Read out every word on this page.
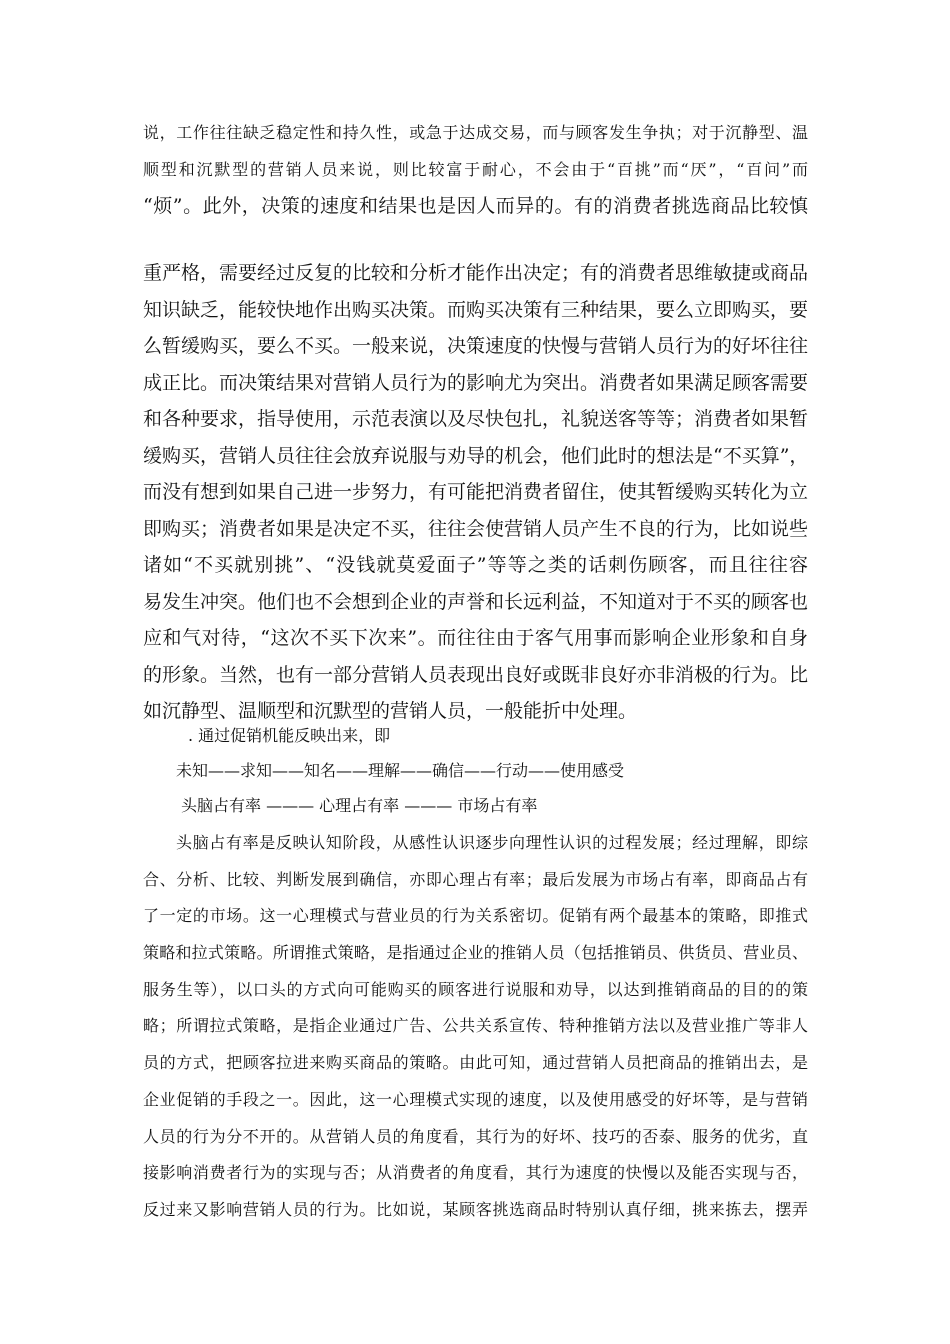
说，工作往往缺乏稳定性和持久性，或急于达成交易，而与顾客发生争执；对于沉静型、温
顺型和沉默型的营销人员来说，则比较富于耐心，不会由于“百挑”而“厌”，“百问”而
“烦”。此外，决策的速度和结果也是因人而异的。有的消费者挑选商品比较慎
重严格，需要经过反复的比较和分析才能作出决定；有的消费者思维敏捷或商品
知识缺乏，能较快地作出购买决策。而购买决策有三种结果，要么立即购买，要
么暂缓购买，要么不买。一般来说，决策速度的快慢与营销人员行为的好坏往往
成正比。而决策结果对营销人员行为的影响尤为突出。消费者如果满足顾客需要
和各种要求，指导使用，示范表演以及尽快包扎，礼貌送客等等；消费者如果暂
缓购买，营销人员往往会放弃说服与劝导的机会，他们此时的想法是“不买算”，
而没有想到如果自己进一步努力，有可能把消费者留住，使其暂缓购买转化为立
即购买；消费者如果是决定不买，往往会使营销人员产生不良的行为，比如说些
诸如“不买就别挑”、“没钱就莫爱面子”等等之类的话刺伤顾客，而且往往容
易发生冲突。他们也不会想到企业的声誉和长远利益，不知道对于不买的顾客也
应和气对待，“这次不买下次来”。而往往由于客气用事而影响企业形象和自身
的形象。当然，也有一部分营销人员表现出良好或既非良好亦非消极的行为。比
如沉静型、温顺型和沉默型的营销人员，一般能折中处理。
. 通过促销机能反映出来，即
未知——求知——知名——理解——确信——行动——使用感受
头脑占有率 ——— 心理占有率 ——— 市场占有率
头脑占有率是反映认知阶段，从感性认识逐步向理性认识的过程发展；经过理解，即综
合、分析、比较、判断发展到确信，亦即心理占有率；最后发展为市场占有率，即商品占有
了一定的市场。这一心理模式与营业员的行为关系密切。促销有两个最基本的策略，即推式
策略和拉式策略。所谓推式策略，是指通过企业的推销人员（包括推销员、供货员、营业员、
服务生等），以口头的方式向可能购买的顾客进行说服和劝导，以达到推销商品的目的的策
略；所谓拉式策略，是指企业通过广告、公共关系宣传、特种推销方法以及营业推广等非人
员的方式，把顾客拉进来购买商品的策略。由此可知，通过营销人员把商品的推销出去，是
企业促销的手段之一。因此，这一心理模式实现的速度，以及使用感受的好坏等，是与营销
人员的行为分不开的。从营销人员的角度看，其行为的好坏、技巧的否泰、服务的优劣，直
接影响消费者行为的实现与否；从消费者的角度看，其行为速度的快慢以及能否实现与否，
反过来又影响营销人员的行为。比如说，某顾客挑选商品时特别认真仔细，挑来拣去，摆弄
